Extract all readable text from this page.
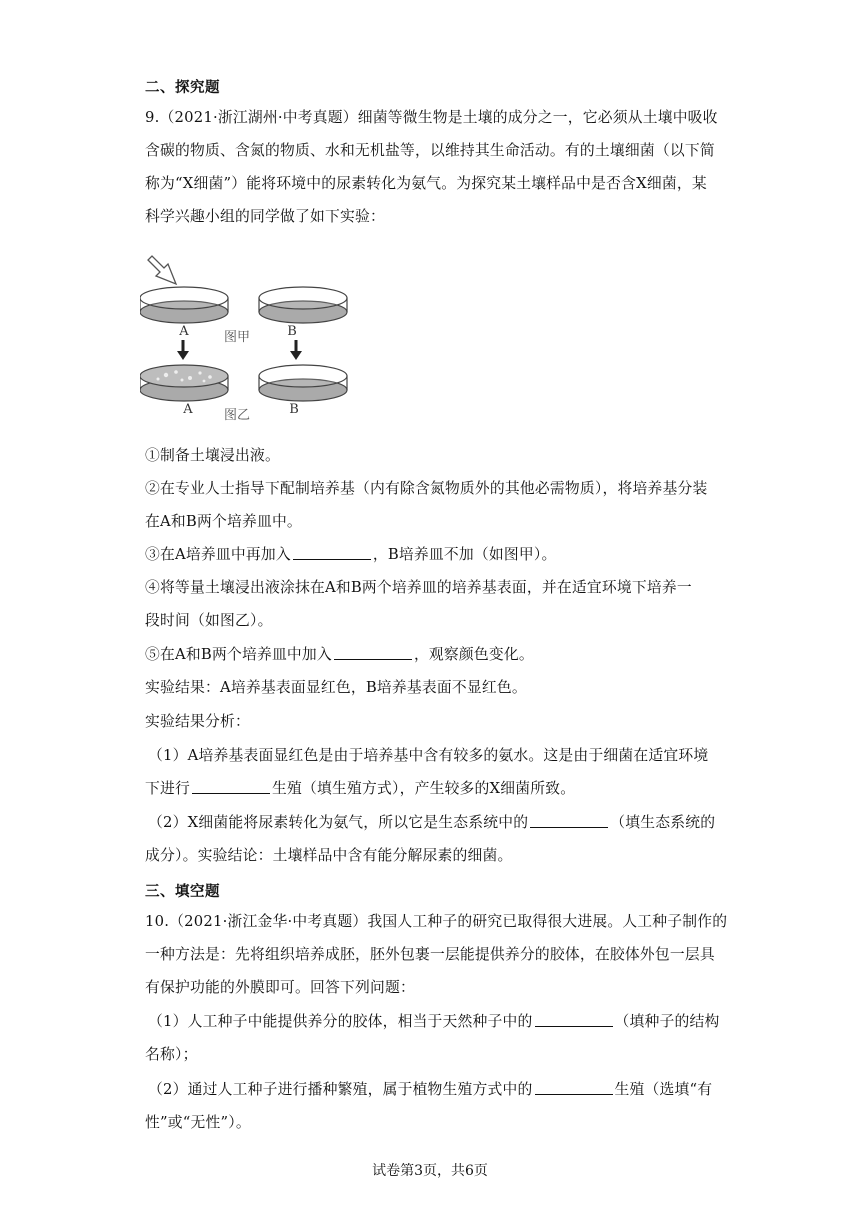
二、探究题
9.（2021·浙江湖州·中考真题）细菌等微生物是土壤的成分之一，它必须从土壤中吸收
含碳的物质、含氮的物质、水和无机盐等，以维持其生命活动。有的土壤细菌（以下简
称为“X细菌”）能将环境中的尿素转化为氨气。为探究某土壤样品中是否含X细菌，某
科学兴趣小组的同学做了如下实验：
A	B
图甲
A 图乙	B
①制备土壤浸出液。
②在专业人士指导下配制培养基（内有除含氮物质外的其他必需物质），将培养基分装
在A和B两个培养皿中。
③在A培养皿中再加入	，B培养皿不加（如图甲）。
④将等量土壤浸出液涂抹在A和B两个培养皿的培养基表面，并在适宜环境下培养一
段时间（如图乙）。
⑤在A和B两个培养皿中加入	，观察颜色变化。
实验结果：A培养基表面显红色，B培养基表面不显红色。
实验结果分析：
（1）A培养基表面显红色是由于培养基中含有较多的氨水。这是由于细菌在适宜环境
下进行	生殖（填生殖方式），产生较多的X细菌所致。
（2）X细菌能将尿素转化为氨气，所以它是生态系统中的	（填生态系统的
成分）。实验结论：土壤样品中含有能分解尿素的细菌。
三、填空题
10.（2021·浙江金华·中考真题）我国人工种子的研究已取得很大进展。人工种子制作的
一种方法是：先将组织培养成胚，胚外包裹一层能提供养分的胶体，在胶体外包一层具
有保护功能的外膜即可。回答下列问题：
（1）人工种子中能提供养分的胶体，相当于天然种子中的	（填种子的结构
名称）；
（2）通过人工种子进行播种繁殖，属于植物生殖方式中的	生殖（选填“有
性”或“无性”）。
试卷第3页，共6页
